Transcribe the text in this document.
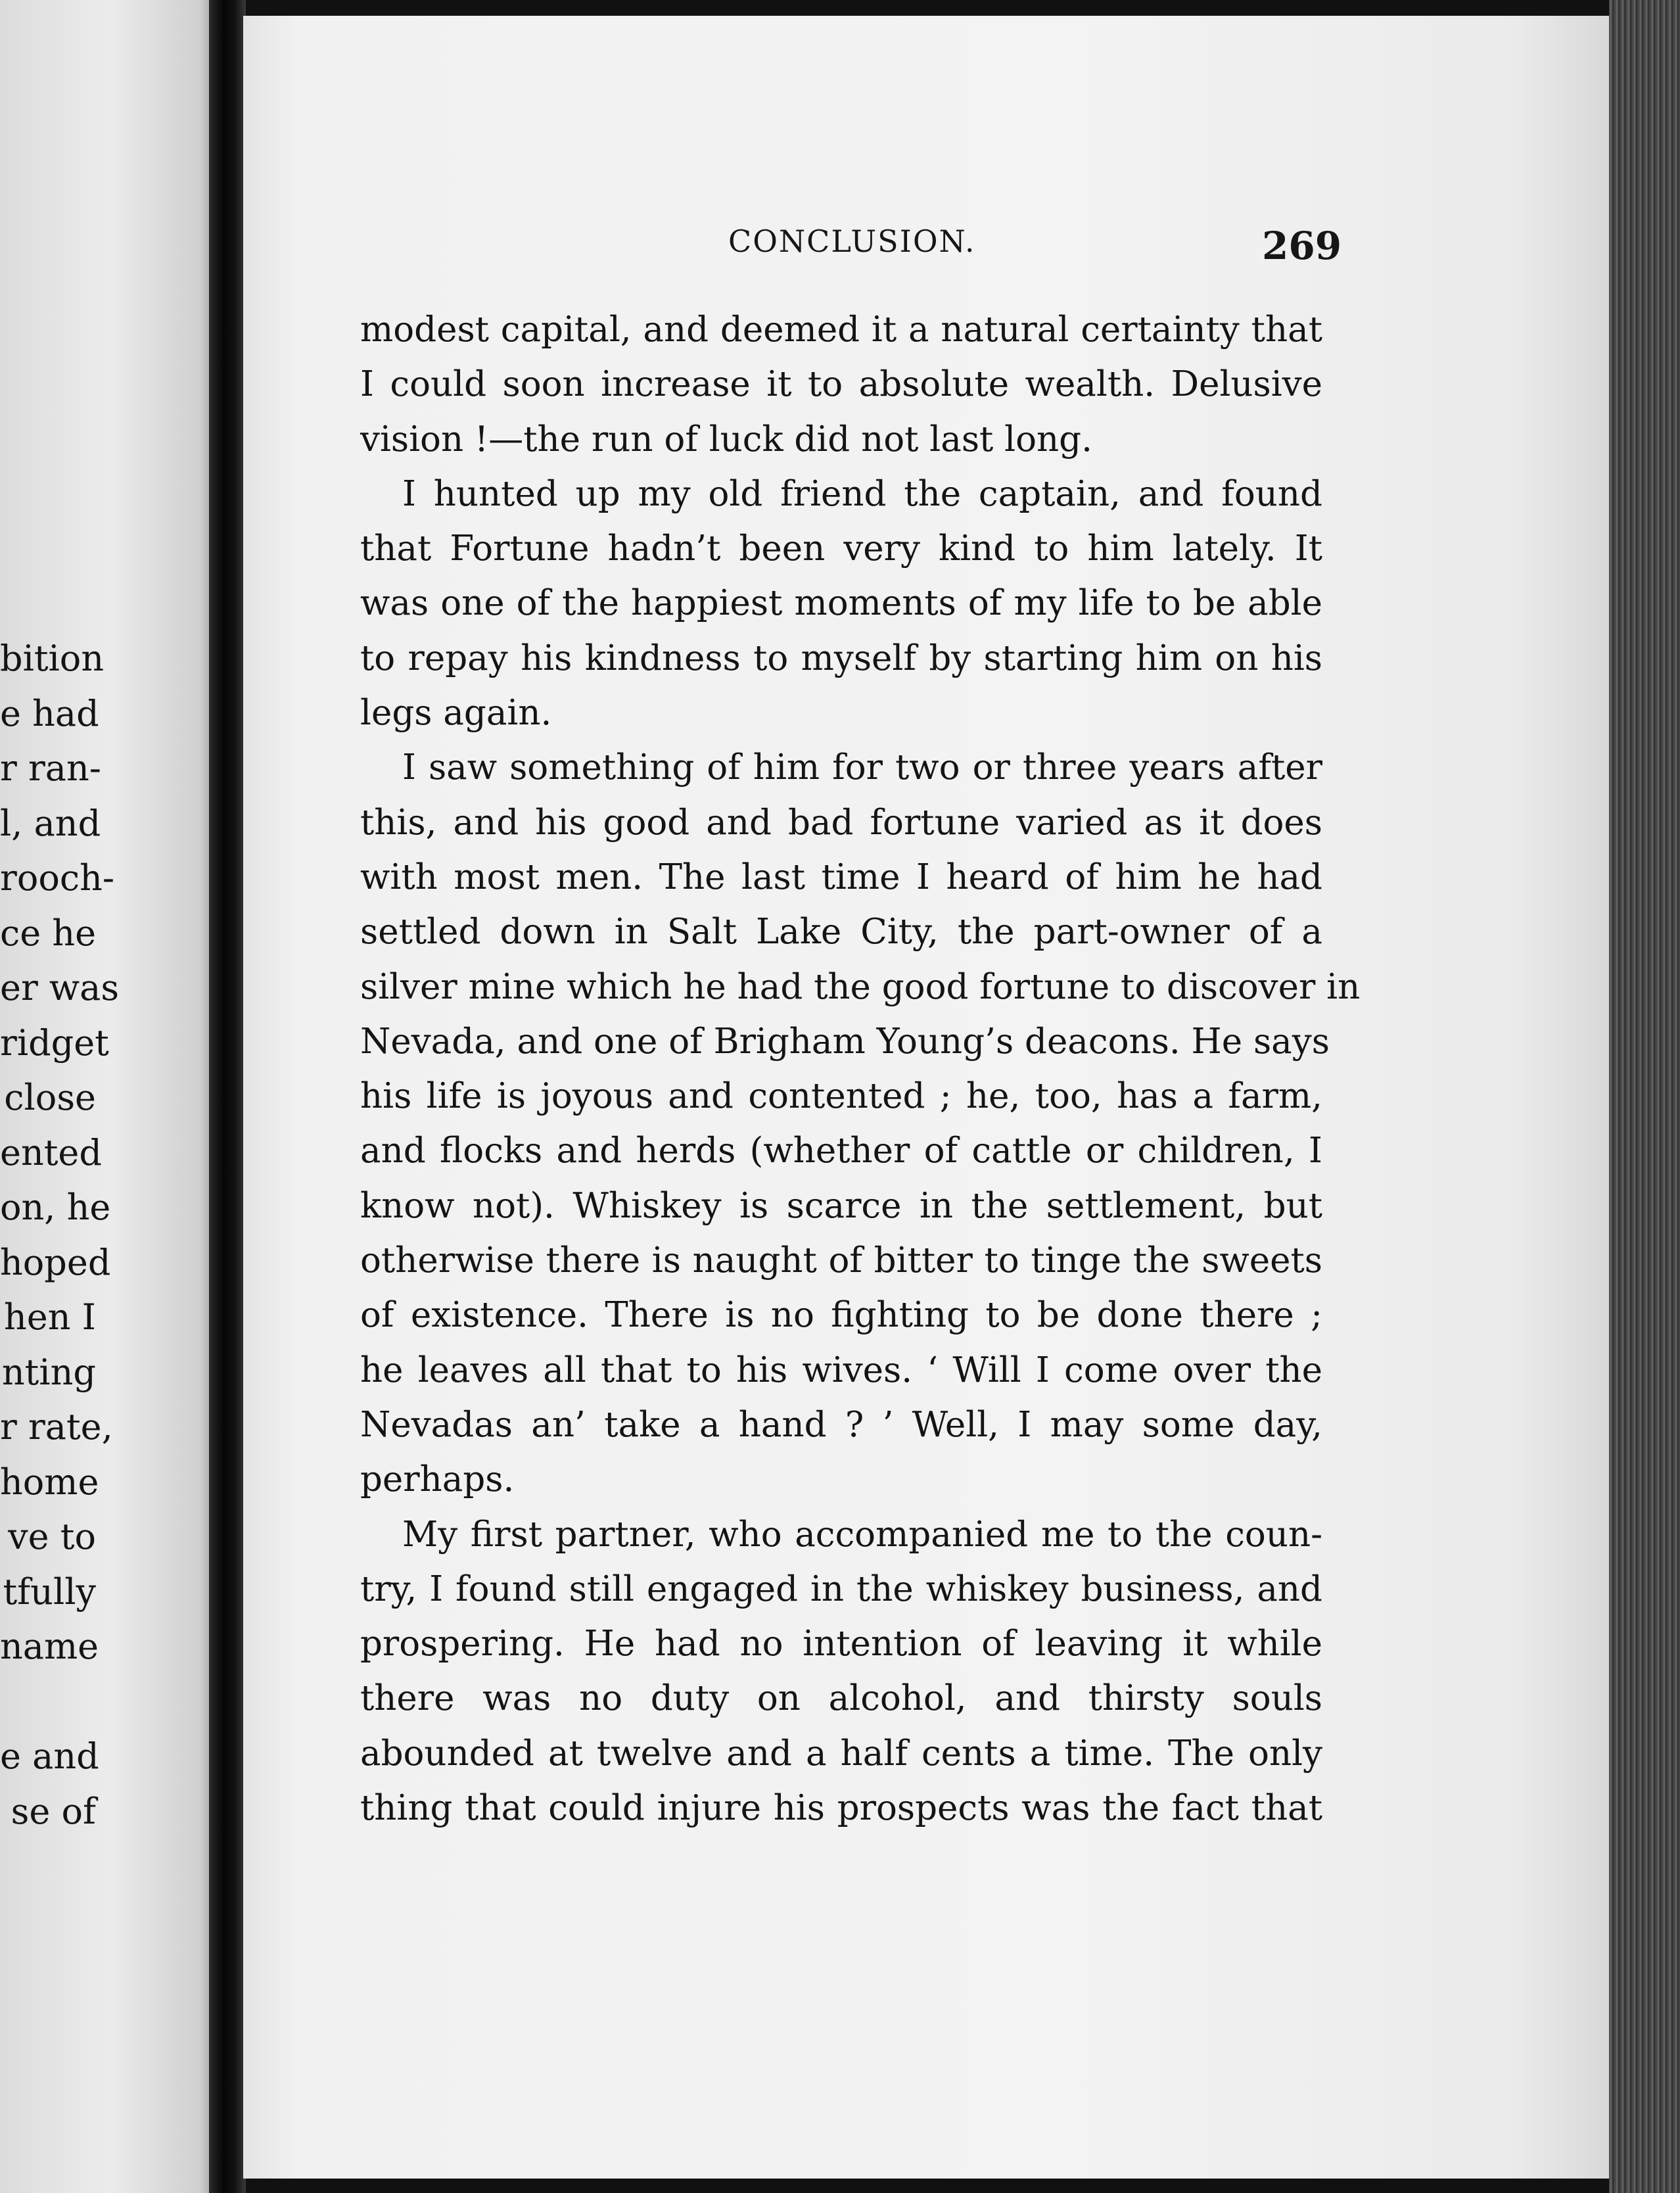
bition
e had
r ran-
l, and
rooch-
ce he
er was
ridget
close
ented
on, he
hoped
hen I
nting
r rate,
home
ve to
tfully
name
e and
se of
CONCLUSION.	269
modest capital, and deemed it a natural certainty that
I could soon increase it to absolute wealth. Delusive
vision !—the run of luck did not last long.
I hunted up my old friend the captain, and found
that Fortune hadn’t been very kind to him lately. It
was one of the happiest moments of my life to be able
to repay his kindness to myself by starting him on his
legs again.
I saw something of him for two or three years after
this, and his good and bad fortune varied as it does
with most men. The last time I heard of him he had
settled down in Salt Lake City, the part-owner of a
silver mine which he had the good fortune to discover in
Nevada, and one of Brigham Young’s deacons. He says
his life is joyous and contented ; he, too, has a farm,
and flocks and herds (whether of cattle or children, I
know not). Whiskey is scarce in the settlement, but
otherwise there is naught of bitter to tinge the sweets
of existence. There is no fighting to be done there ;
he leaves all that to his wives. ‘ Will I come over the
Nevadas an’ take a hand ? ’ Well, I may some day,
perhaps.
My first partner, who accompanied me to the coun-
try, I found still engaged in the whiskey business, and
prospering. He had no intention of leaving it while
there was no duty on alcohol, and thirsty souls
abounded at twelve and a half cents a time. The only
thing that could injure his prospects was the fact that
